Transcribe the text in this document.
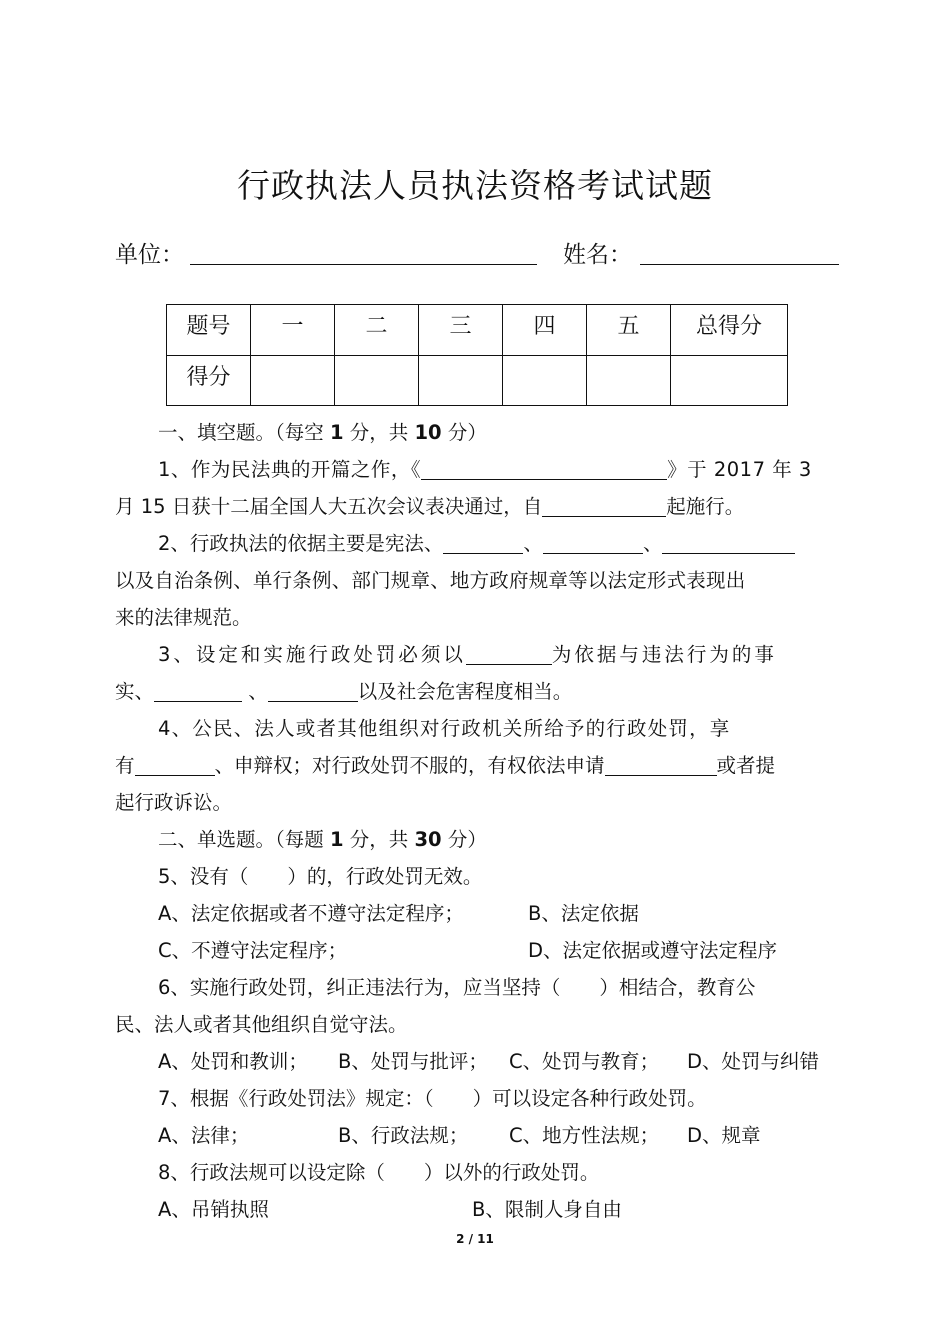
行政执法人员执法资格考试试题
单位：	姓名：
题号	一	二	三	四	五	总得分
得分						
一、填空题。（每空 1 分，共 10 分）
1、作为民法典的开篇之作，《	》于 2017 年 3
月 15 日获十二届全国人大五次会议表决通过，自	起施行。
2、行政执法的依据主要是宪法、	、	、
以及自治条例、单行条例、部门规章、地方政府规章等以法定形式表现出
来的法律规范。
3、设定和实施行政处罚必须以	为依据与违法行为的事
实、	、	以及社会危害程度相当。
4、公民、法人或者其他组织对行政机关所给予的行政处罚，享
有	、申辩权；对行政处罚不服的，有权依法申请	或者提
起行政诉讼。
二、单选题。（每题 1 分，共 30 分）
5、没有（　　）的，行政处罚无效。
A、法定依据或者不遵守法定程序；	B、法定依据
C、不遵守法定程序；	D、法定依据或遵守法定程序
6、实施行政处罚，纠正违法行为，应当坚持（　　）相结合，教育公
民、法人或者其他组织自觉守法。
A、处罚和教训； B、处罚与批评； C、处罚与教育； D、处罚与纠错
7、根据《行政处罚法》规定：（　　）可以设定各种行政处罚。
A、法律；	B、行政法规； C、地方性法规； D、规章
8、行政法规可以设定除（　　）以外的行政处罚。
A、吊销执照	B、限制人身自由
2 / 11
